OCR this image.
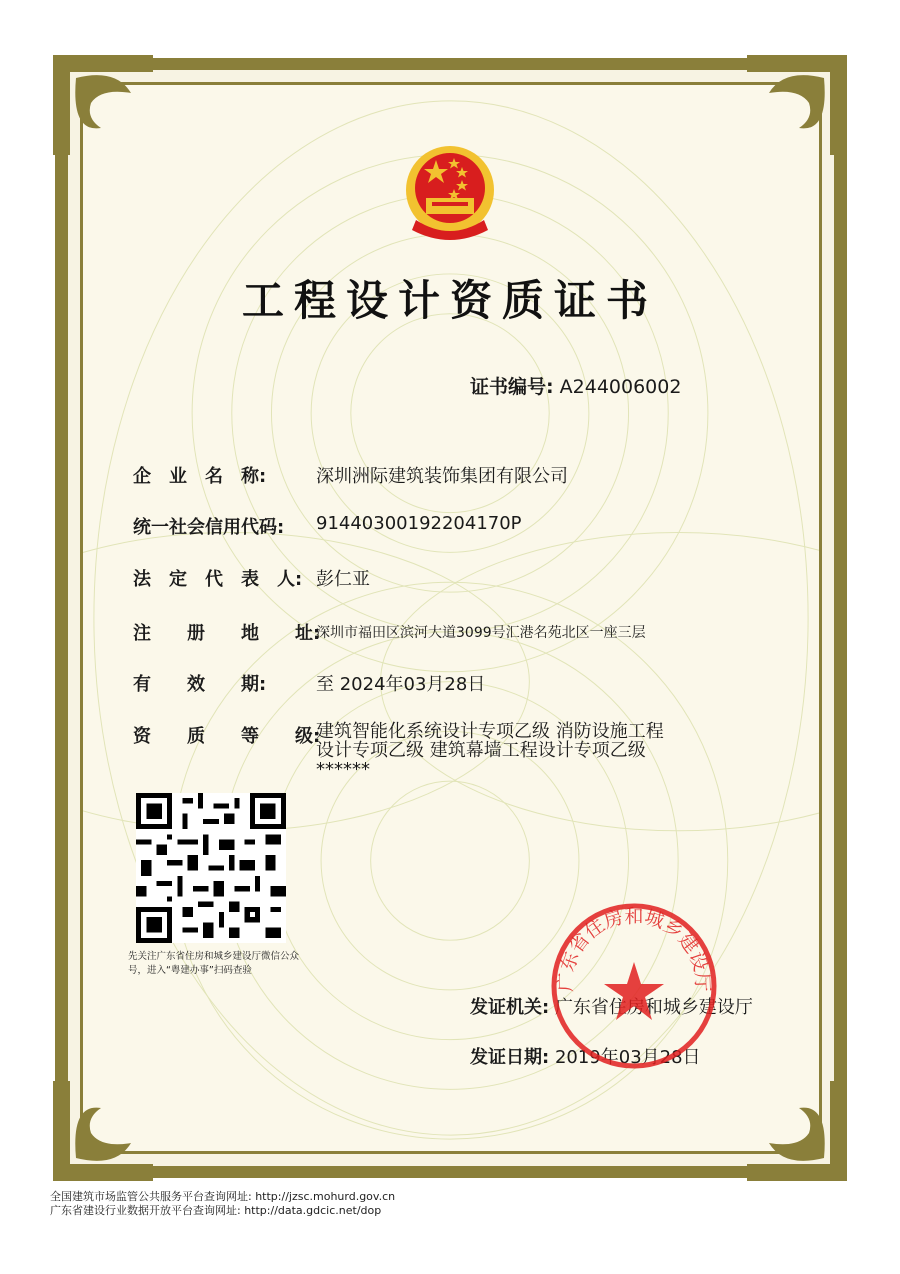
工程设计资质证书
证书编号: A244006002
企　业　名　称:	深圳洲际建筑装饰集团有限公司
统一社会信用代码:	91440300192204170P
法　定　代　表　人: 彭仁亚
注　　册　　地　　址:
深圳市福田区滨河大道3099号汇港名苑北区一座三层
有　　效　　期:	至 2024年03月28日
资　　质　　等　　级:
建筑智能化系统设计专项乙级 消防设施工程
设计专项乙级 建筑幕墙工程设计专项乙级
******
先关注广东省住房和城乡建设厅微信公众号，进入“粤建办事”扫码查验
发证机关: 广东省住房和城乡建设厅
发证日期: 2019年03月28日
广东省住房和城乡建设厅
全国建筑市场监管公共服务平台查询网址: http://jzsc.mohurd.gov.cn
广东省建设行业数据开放平台查询网址: http://data.gdcic.net/dop
